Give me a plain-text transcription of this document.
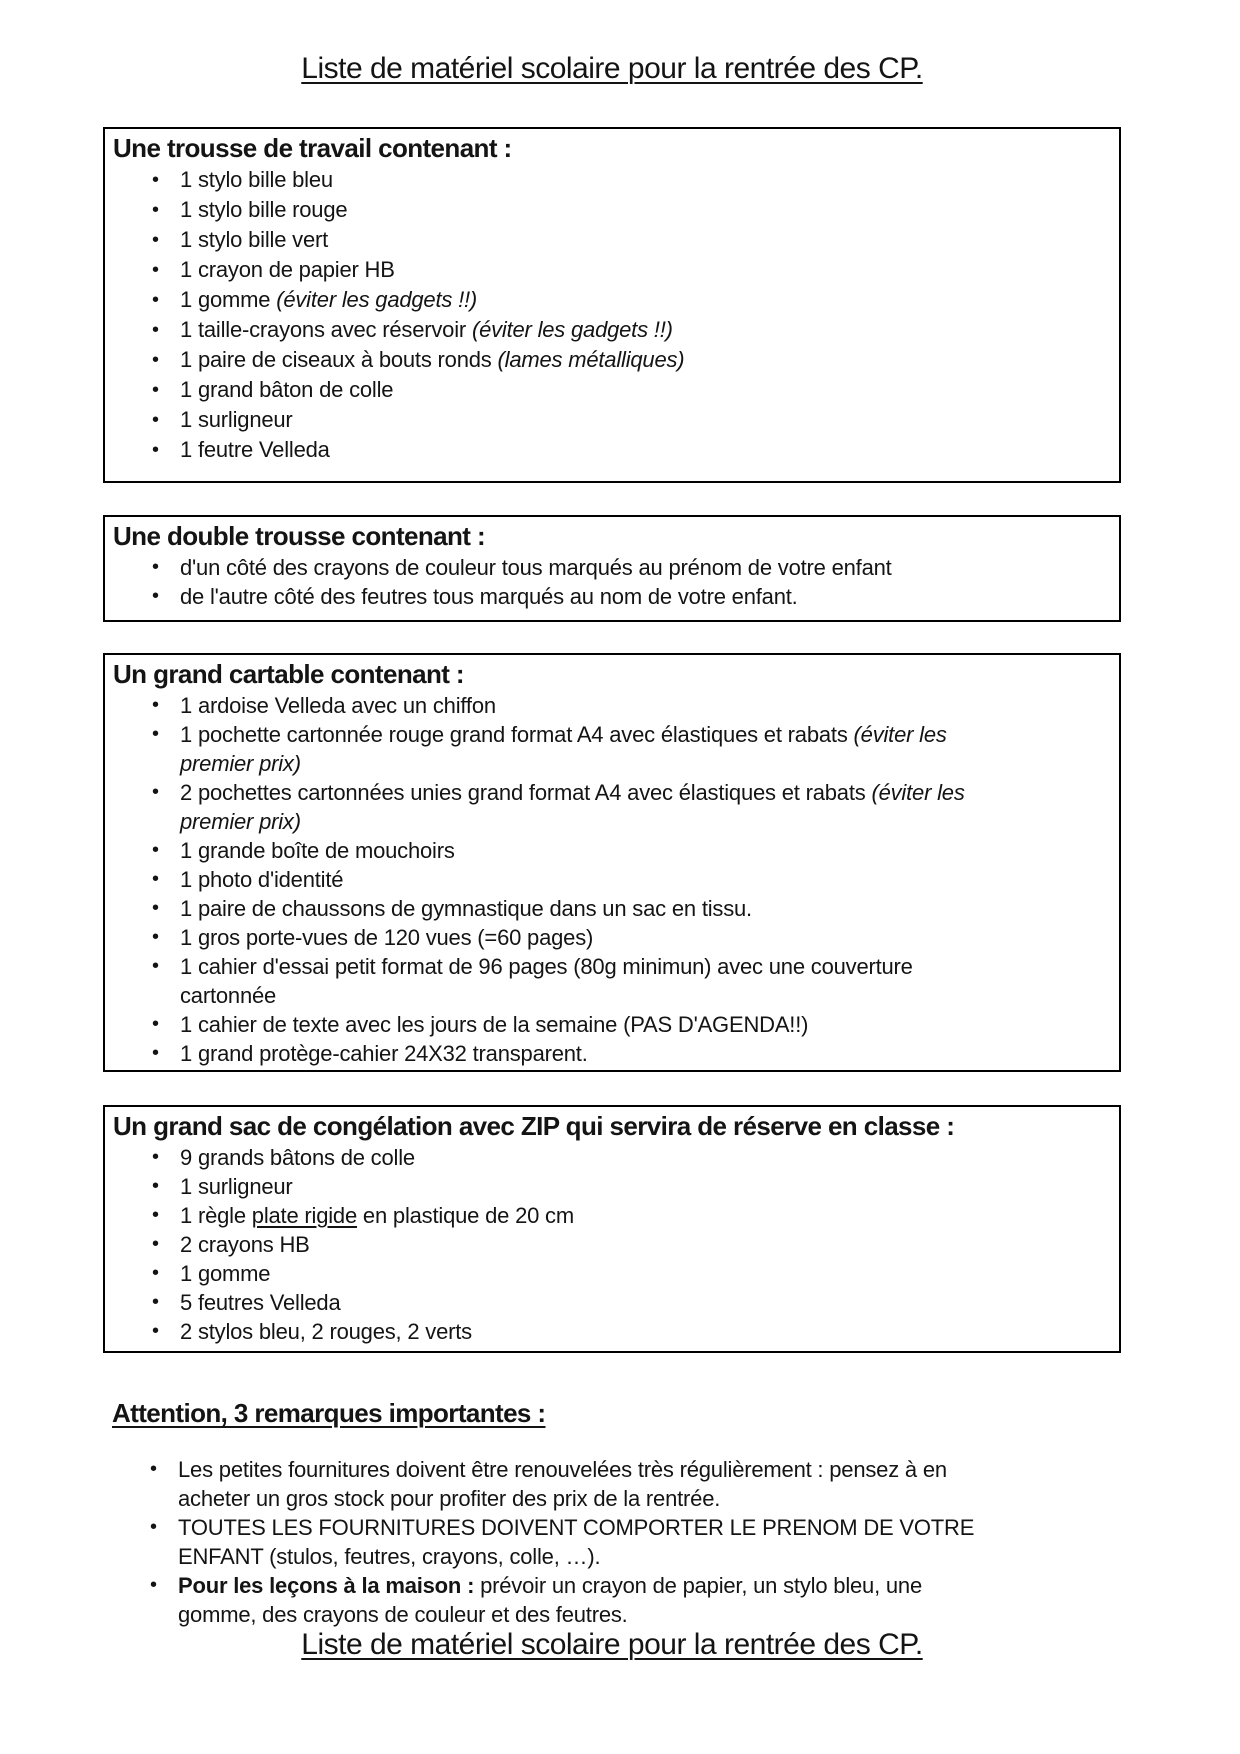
Liste de matériel scolaire pour la rentrée des CP.
Une trousse de travail contenant :
• 1 stylo bille bleu
• 1 stylo bille rouge
• 1 stylo bille vert
• 1 crayon de papier HB
• 1 gomme (éviter les gadgets !!)
• 1 taille-crayons avec réservoir (éviter les gadgets !!)
• 1 paire de ciseaux à bouts ronds (lames métalliques)
• 1 grand bâton de colle
• 1 surligneur
• 1 feutre Velleda
Une double trousse contenant :
• d'un côté des crayons de couleur tous marqués au prénom de votre enfant
• de l'autre côté des feutres tous marqués au nom de votre enfant.
Un grand cartable contenant :
• 1 ardoise Velleda avec un chiffon
• 1 pochette cartonnée rouge grand format A4 avec élastiques et rabats (éviter les
premier prix)
• 2 pochettes cartonnées unies grand format A4 avec élastiques et rabats (éviter les
premier prix)
• 1 grande boîte de mouchoirs
• 1 photo d'identité
• 1 paire de chaussons de gymnastique dans un sac en tissu.
• 1 gros porte-vues de 120 vues (=60 pages)
• 1 cahier d'essai petit format de 96 pages (80g minimun) avec une couverture
cartonnée
• 1 cahier de texte avec les jours de la semaine (PAS D'AGENDA!!)
• 1 grand protège-cahier 24X32 transparent.
Un grand sac de congélation avec ZIP qui servira de réserve en classe :
• 9 grands bâtons de colle
• 1 surligneur
• 1 règle plate rigide en plastique de 20 cm
• 2 crayons HB
• 1 gomme
• 5 feutres Velleda
• 2 stylos bleu, 2 rouges, 2 verts
Attention, 3 remarques importantes :
• Les petites fournitures doivent être renouvelées très régulièrement : pensez à en
acheter un gros stock pour profiter des prix de la rentrée.
• TOUTES LES FOURNITURES DOIVENT COMPORTER LE PRENOM DE VOTRE
ENFANT (stulos, feutres, crayons, colle, …).
• Pour les leçons à la maison : prévoir un crayon de papier, un stylo bleu, une
gomme, des crayons de couleur et des feutres.
Liste de matériel scolaire pour la rentrée des CP.
